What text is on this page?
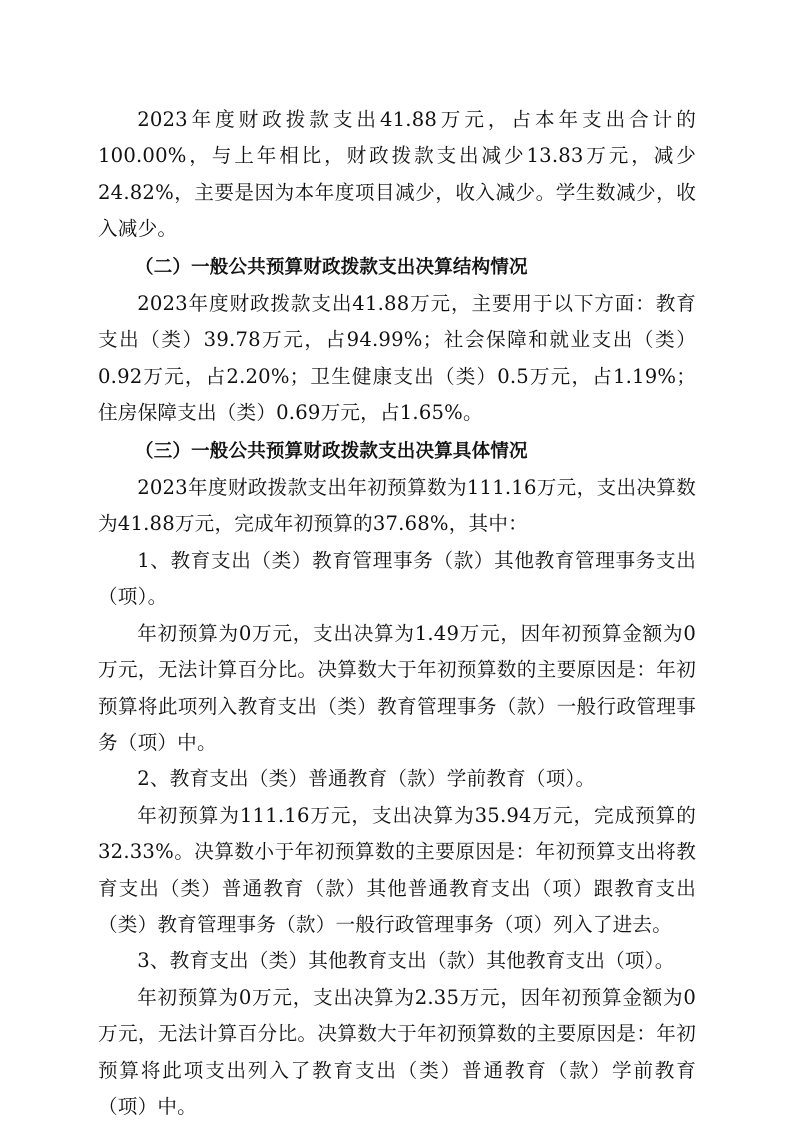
2023年度财政拨款支出41.88万元，占本年支出合计的100.00%，与上年相比，财政拨款支出减少13.83万元，减少24.82%，主要是因为本年度项目减少，收入减少。学生数减少，收入减少。

（二）一般公共预算财政拨款支出决算结构情况

2023年度财政拨款支出41.88万元，主要用于以下方面：教育支出（类）39.78万元，占94.99%；社会保障和就业支出（类）0.92万元，占2.20%；卫生健康支出（类）0.5万元，占1.19%；住房保障支出（类）0.69万元，占1.65%。

（三）一般公共预算财政拨款支出决算具体情况

2023年度财政拨款支出年初预算数为111.16万元，支出决算数为41.88万元，完成年初预算的37.68%，其中：

1、教育支出（类）教育管理事务（款）其他教育管理事务支出（项）。

年初预算为0万元，支出决算为1.49万元，因年初预算金额为0万元，无法计算百分比。决算数大于年初预算数的主要原因是：年初预算将此项列入教育支出（类）教育管理事务（款）一般行政管理事务（项）中。

2、教育支出（类）普通教育（款）学前教育（项）。

年初预算为111.16万元，支出决算为35.94万元，完成预算的32.33%。决算数小于年初预算数的主要原因是：年初预算支出将教育支出（类）普通教育（款）其他普通教育支出（项）跟教育支出（类）教育管理事务（款）一般行政管理事务（项）列入了进去。

3、教育支出（类）其他教育支出（款）其他教育支出（项）。

年初预算为0万元，支出决算为2.35万元，因年初预算金额为0万元，无法计算百分比。决算数大于年初预算数的主要原因是：年初预算将此项支出列入了教育支出（类）普通教育（款）学前教育（项）中。
